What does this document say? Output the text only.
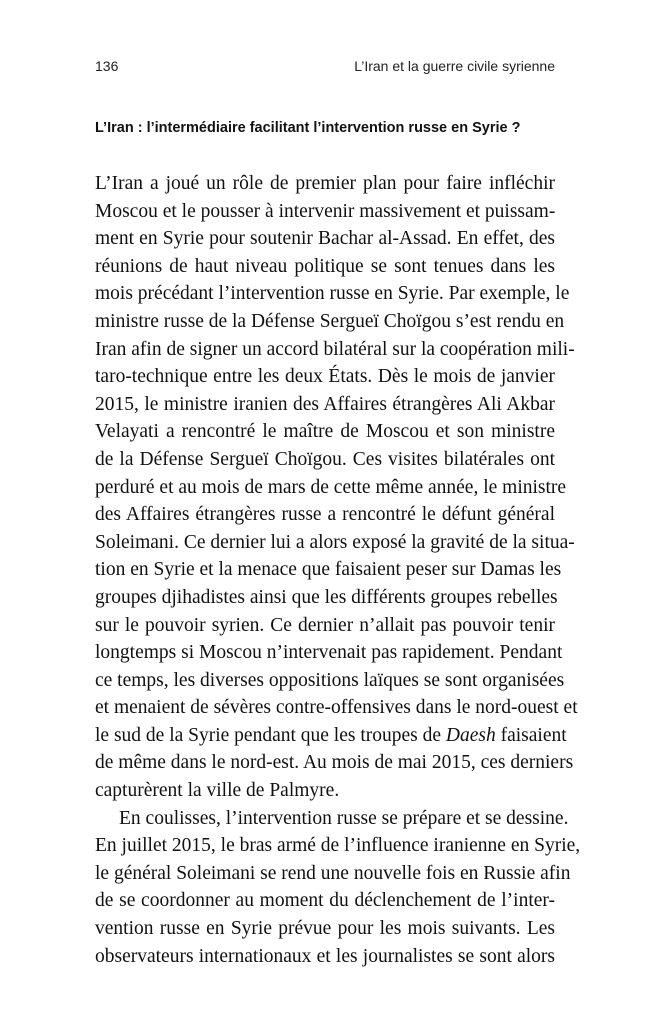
136	L’Iran et la guerre civile syrienne
L’Iran : l’intermédiaire facilitant l’intervention russe en Syrie ?
L’Iran a joué un rôle de premier plan pour faire infléchir
Moscou et le pousser à intervenir massivement et puissam-
ment en Syrie pour soutenir Bachar al-Assad. En effet, des
réunions de haut niveau politique se sont tenues dans les
mois précédant l’intervention russe en Syrie. Par exemple, le
ministre russe de la Défense Sergueï Choïgou s’est rendu en
Iran afin de signer un accord bilatéral sur la coopération mili-
taro-technique entre les deux États. Dès le mois de janvier
2015, le ministre iranien des Affaires étrangères Ali Akbar
Velayati a rencontré le maître de Moscou et son ministre
de la Défense Sergueï Choïgou. Ces visites bilatérales ont
perduré et au mois de mars de cette même année, le ministre
des Affaires étrangères russe a rencontré le défunt général
Soleimani. Ce dernier lui a alors exposé la gravité de la situa-
tion en Syrie et la menace que faisaient peser sur Damas les
groupes djihadistes ainsi que les différents groupes rebelles
sur le pouvoir syrien. Ce dernier n’allait pas pouvoir tenir
longtemps si Moscou n’intervenait pas rapidement. Pendant
ce temps, les diverses oppositions laïques se sont organisées
et menaient de sévères contre-offensives dans le nord-ouest et
le sud de la Syrie pendant que les troupes de Daesh faisaient
de même dans le nord-est. Au mois de mai 2015, ces derniers
capturèrent la ville de Palmyre.
En coulisses, l’intervention russe se prépare et se dessine.
En juillet 2015, le bras armé de l’influence iranienne en Syrie,
le général Soleimani se rend une nouvelle fois en Russie afin
de se coordonner au moment du déclenchement de l’inter-
vention russe en Syrie prévue pour les mois suivants. Les
observateurs internationaux et les journalistes se sont alors
